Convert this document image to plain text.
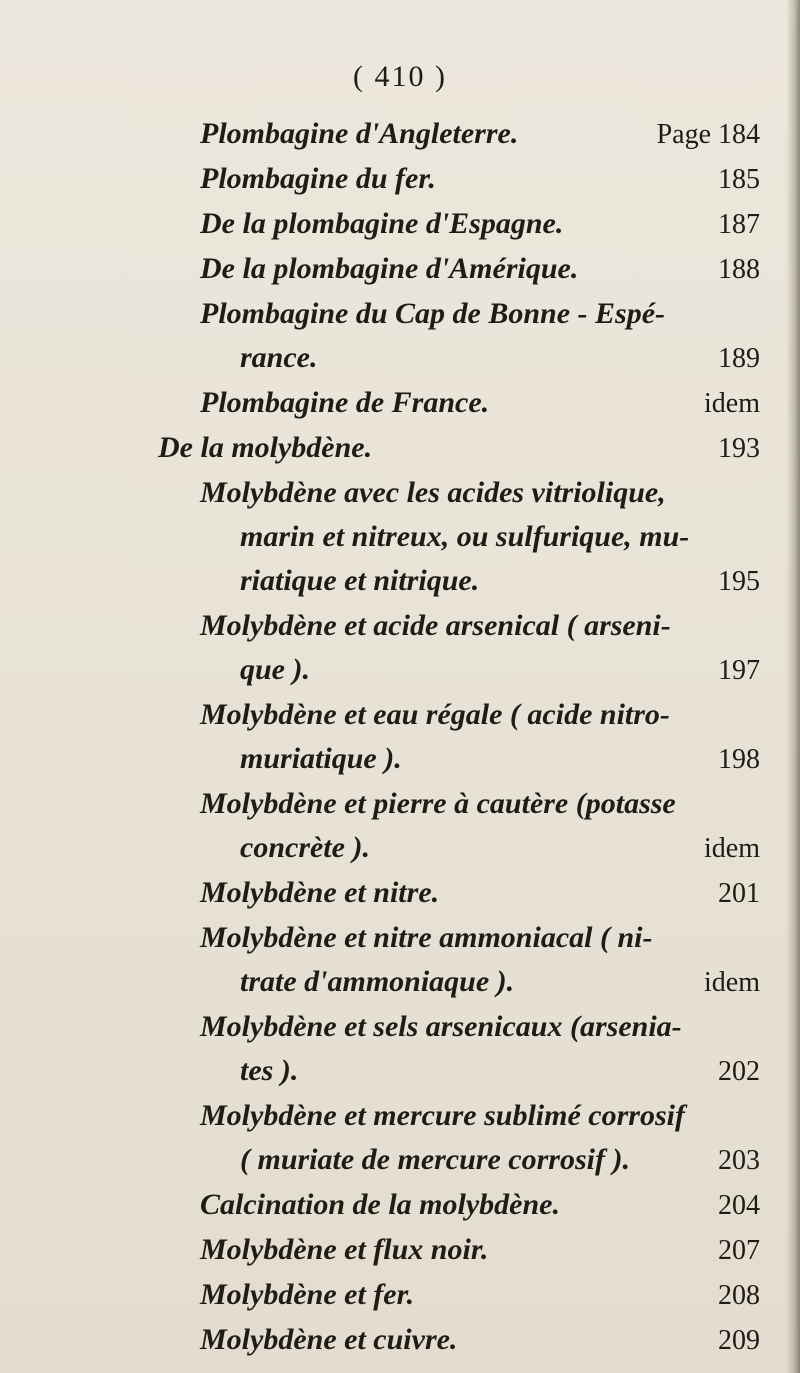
( 410 )
Plombagine d'Angleterre.	Page 184
Plombagine du fer.	185
De la plombagine d'Espagne.	187
De la plombagine d'Amérique.	188
Plombagine du Cap de Bonne - Espé-
rance.	189
Plombagine de France.	idem
De la molybdène.	193
Molybdène avec les acides vitriolique,
marin et nitreux, ou sulfurique, mu-
riatique et nitrique.	195
Molybdène et acide arsenical ( arseni-
que ).	197
Molybdène et eau régale ( acide nitro-
muriatique ).	198
Molybdène et pierre à cautère (potasse
concrète ).	idem
Molybdène et nitre.	201
Molybdène et nitre ammoniacal ( ni-
trate d'ammoniaque ).	idem
Molybdène et sels arsenicaux (arsenia-
tes ).	202
Molybdène et mercure sublimé corrosif
( muriate de mercure corrosif ).	203
Calcination de la molybdène.	204
Molybdène et flux noir.	207
Molybdène et fer.	208
Molybdène et cuivre.	209
